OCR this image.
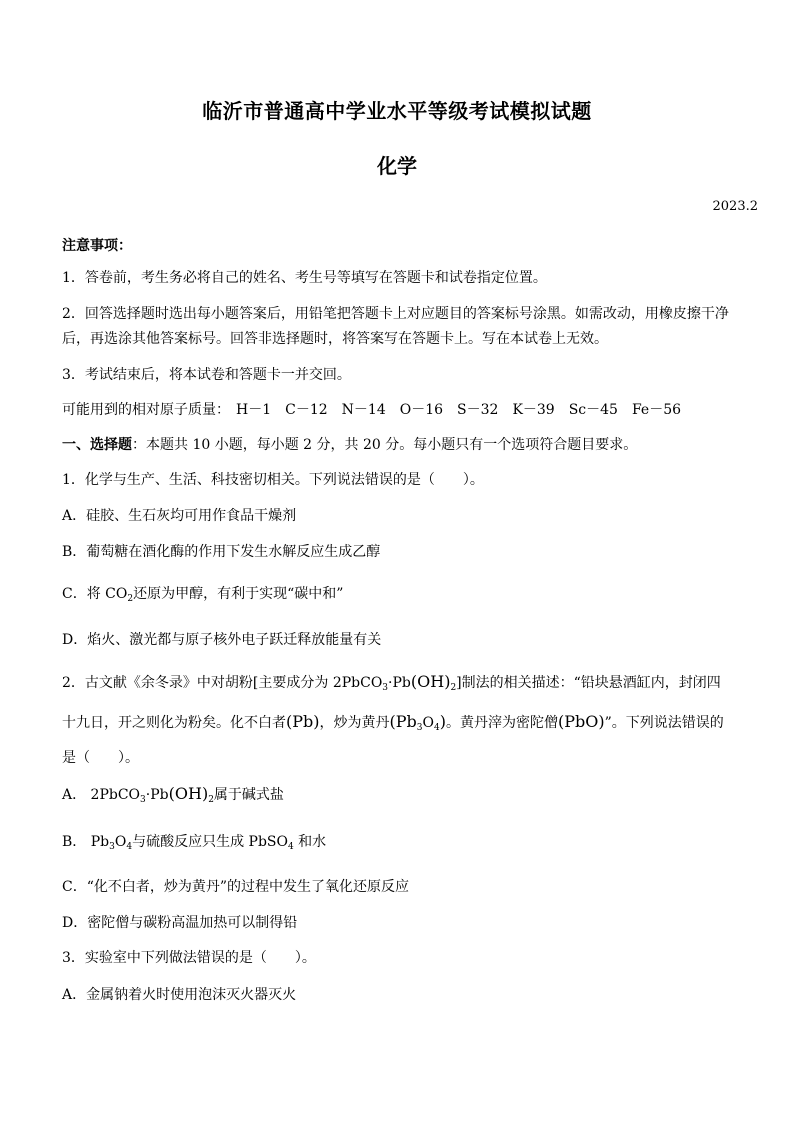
临沂市普通高中学业水平等级考试模拟试题
化学
2023.2
注意事项：
1．答卷前，考生务必将自己的姓名、考生号等填写在答题卡和试卷指定位置。
2．回答选择题时选出每小题答案后，用铅笔把答题卡上对应题目的答案标号涂黑。如需改动，用橡皮擦干净
后，再选涂其他答案标号。回答非选择题时，将答案写在答题卡上。写在本试卷上无效。
3．考试结束后，将本试卷和答题卡一并交回。
可能用到的相对原子质量： H－1 C－12 N－14 O－16 S－32 K－39 Sc－45 Fe－56
一、选择题：本题共 10 小题，每小题 2 分，共 20 分。每小题只有一个选项符合题目要求。
1．化学与生产、生活、科技密切相关。下列说法错误的是（　　）。
A．硅胶、生石灰均可用作食品干燥剂
B．葡萄糖在酒化酶的作用下发生水解反应生成乙醇
C．将 $CO_2$还原为甲醇，有利于实现“碳中和”
D．焰火、激光都与原子核外电子跃迁释放能量有关
2．古文献《余冬录》中对胡粉[主要成分为 $2PbCO_3\cdot Pb(OH)_2$]制法的相关描述：“铅块悬酒缸内，封闭四
十九日，开之则化为粉矣。化不白者(Pb)，炒为黄丹$(Pb_3O_4)$。黄丹滓为密陀僧(PbO)”。下列说法错误的
是（　　）。
A． $2PbCO_3\cdot Pb(OH)_2$属于碱式盐
B． $Pb_3O_4$与硫酸反应只生成 PbSO$_4$ 和水
C．“化不白者，炒为黄丹”的过程中发生了氧化还原反应
D．密陀僧与碳粉高温加热可以制得铅
3．实验室中下列做法错误的是（　　）。
A．金属钠着火时使用泡沫灭火器灭火
